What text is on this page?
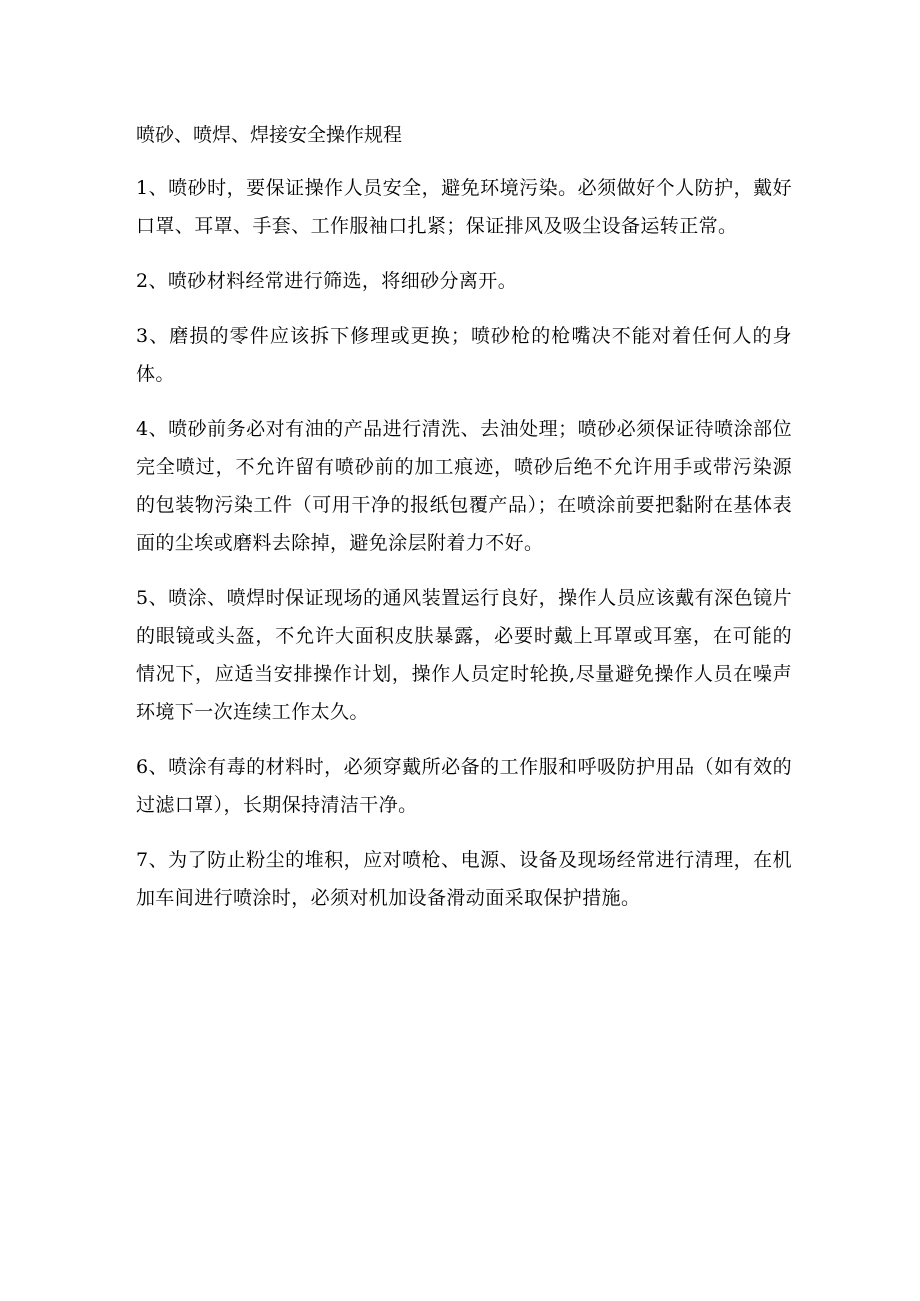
喷砂、喷焊、焊接安全操作规程

1、喷砂时，要保证操作人员安全，避免环境污染。必须做好个人防护，戴好口罩、耳罩、手套、工作服袖口扎紧；保证排风及吸尘设备运转正常。

2、喷砂材料经常进行筛选，将细砂分离开。

3、磨损的零件应该拆下修理或更换；喷砂枪的枪嘴决不能对着任何人的身体。

4、喷砂前务必对有油的产品进行清洗、去油处理；喷砂必须保证待喷涂部位完全喷过，不允许留有喷砂前的加工痕迹，喷砂后绝不允许用手或带污染源的包装物污染工件（可用干净的报纸包覆产品）；在喷涂前要把黏附在基体表面的尘埃或磨料去除掉，避免涂层附着力不好。

5、喷涂、喷焊时保证现场的通风装置运行良好，操作人员应该戴有深色镜片的眼镜或头盔，不允许大面积皮肤暴露，必要时戴上耳罩或耳塞，在可能的情况下，应适当安排操作计划，操作人员定时轮换,尽量避免操作人员在噪声环境下一次连续工作太久。

6、喷涂有毒的材料时，必须穿戴所必备的工作服和呼吸防护用品（如有效的过滤口罩），长期保持清洁干净。

7、为了防止粉尘的堆积，应对喷枪、电源、设备及现场经常进行清理，在机加车间进行喷涂时，必须对机加设备滑动面采取保护措施。
